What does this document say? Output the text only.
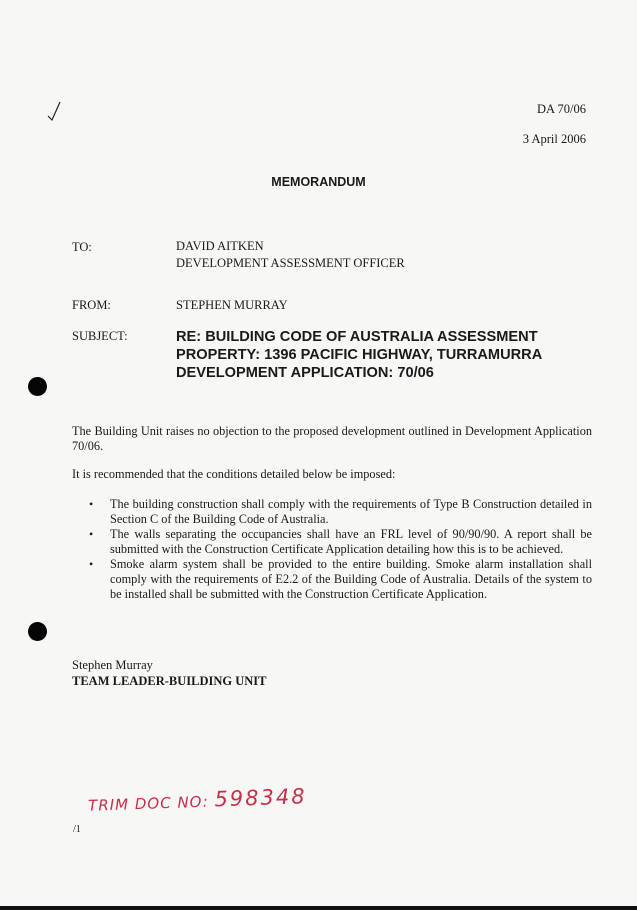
DA 70/06
3 April 2006
MEMORANDUM
TO:	DAVID AITKEN
DEVELOPMENT ASSESSMENT OFFICER
FROM:	STEPHEN MURRAY
SUBJECT:	RE: BUILDING CODE OF AUSTRALIA ASSESSMENT
PROPERTY: 1396 PACIFIC HIGHWAY, TURRAMURRA
DEVELOPMENT APPLICATION: 70/06
The Building Unit raises no objection to the proposed development outlined in Development Application 70/06.
It is recommended that the conditions detailed below be imposed:
• The building construction shall comply with the requirements of Type B Construction detailed in Section C of the Building Code of Australia.
• The walls separating the occupancies shall have an FRL level of 90/90/90. A report shall be submitted with the Construction Certificate Application detailing how this is to be achieved.
• Smoke alarm system shall be provided to the entire building. Smoke alarm installation shall comply with the requirements of E2.2 of the Building Code of Australia. Details of the system to be installed shall be submitted with the Construction Certificate Application.
Stephen Murray
TEAM LEADER-BUILDING UNIT
TRIM DOC NO: 598348
/1
